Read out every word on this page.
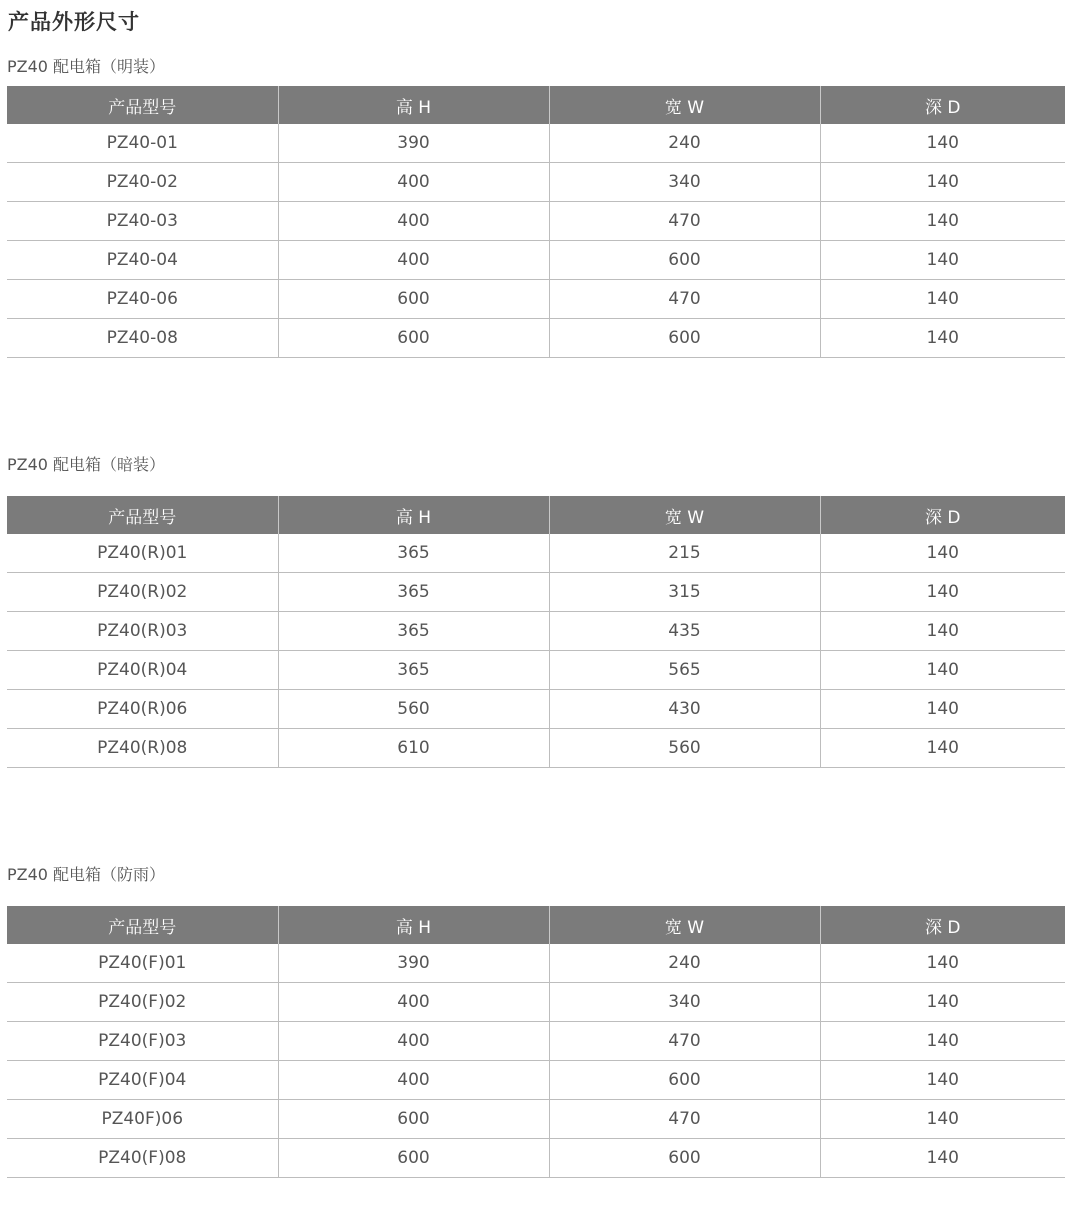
产品外形尺寸

PZ40 配电箱（明装）

产品型号	高 H	宽 W	深 D
PZ40-01	390	240	140
PZ40-02	400	340	140
PZ40-03	400	470	140
PZ40-04	400	600	140
PZ40-06	600	470	140
PZ40-08	600	600	140

PZ40 配电箱（暗装）

产品型号	高 H	宽 W	深 D
PZ40(R)01	365	215	140
PZ40(R)02	365	315	140
PZ40(R)03	365	435	140
PZ40(R)04	365	565	140
PZ40(R)06	560	430	140
PZ40(R)08	610	560	140

PZ40 配电箱（防雨）

产品型号	高 H	宽 W	深 D
PZ40(F)01	390	240	140
PZ40(F)02	400	340	140
PZ40(F)03	400	470	140
PZ40(F)04	400	600	140
PZ40F)06	600	470	140
PZ40(F)08	600	600	140
